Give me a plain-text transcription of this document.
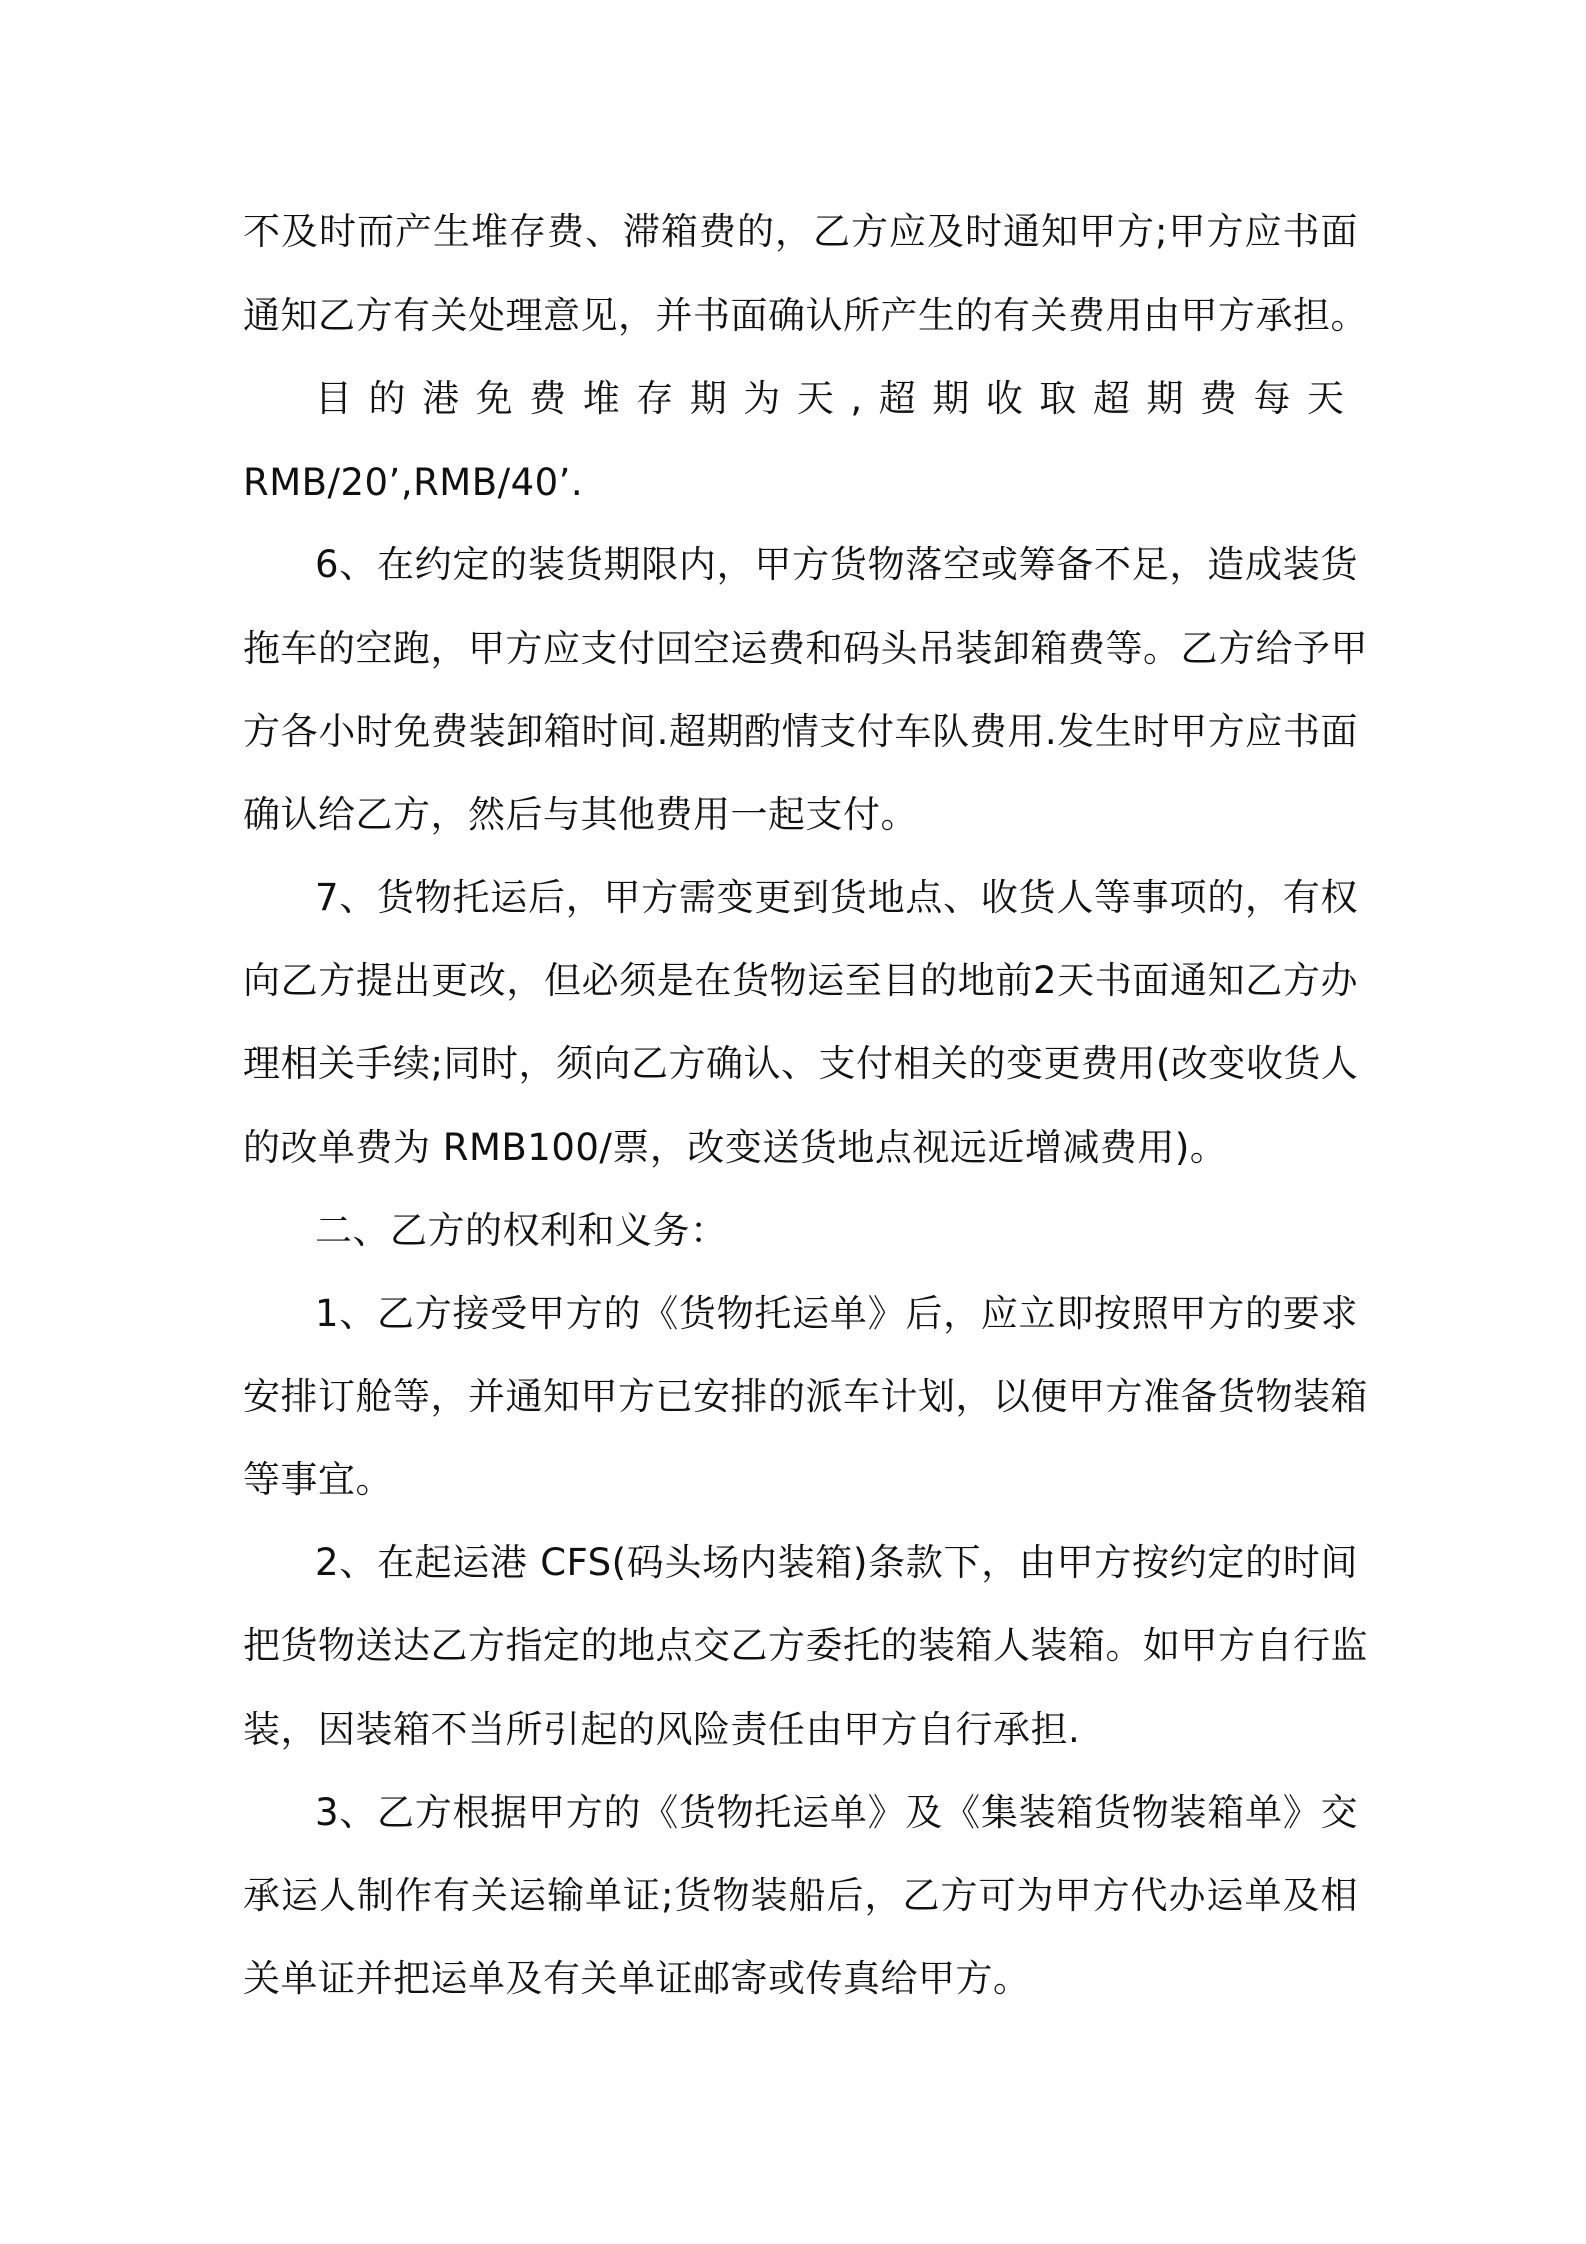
不及时而产生堆存费、滞箱费的，乙方应及时通知甲方;甲方应书面
通知乙方有关处理意见，并书面确认所产生的有关费用由甲方承担。
目的港免费堆存期为天,超期收取超期费每天
RMB/20’,RMB/40’.
6、在约定的装货期限内，甲方货物落空或筹备不足，造成装货
拖车的空跑，甲方应支付回空运费和码头吊装卸箱费等。乙方给予甲
方各小时免费装卸箱时间.超期酌情支付车队费用.发生时甲方应书面
确认给乙方，然后与其他费用一起支付。
7、货物托运后，甲方需变更到货地点、收货人等事项的，有权
向乙方提出更改，但必须是在货物运至目的地前2天书面通知乙方办
理相关手续;同时，须向乙方确认、支付相关的变更费用(改变收货人
的改单费为 RMB100/票，改变送货地点视远近增减费用)。
二、乙方的权利和义务：
1、乙方接受甲方的《货物托运单》后，应立即按照甲方的要求
安排订舱等，并通知甲方已安排的派车计划，以便甲方准备货物装箱
等事宜。
2、在起运港 CFS(码头场内装箱)条款下，由甲方按约定的时间
把货物送达乙方指定的地点交乙方委托的装箱人装箱。如甲方自行监
装，因装箱不当所引起的风险责任由甲方自行承担.
3、乙方根据甲方的《货物托运单》及《集装箱货物装箱单》交
承运人制作有关运输单证;货物装船后，乙方可为甲方代办运单及相
关单证并把运单及有关单证邮寄或传真给甲方。
